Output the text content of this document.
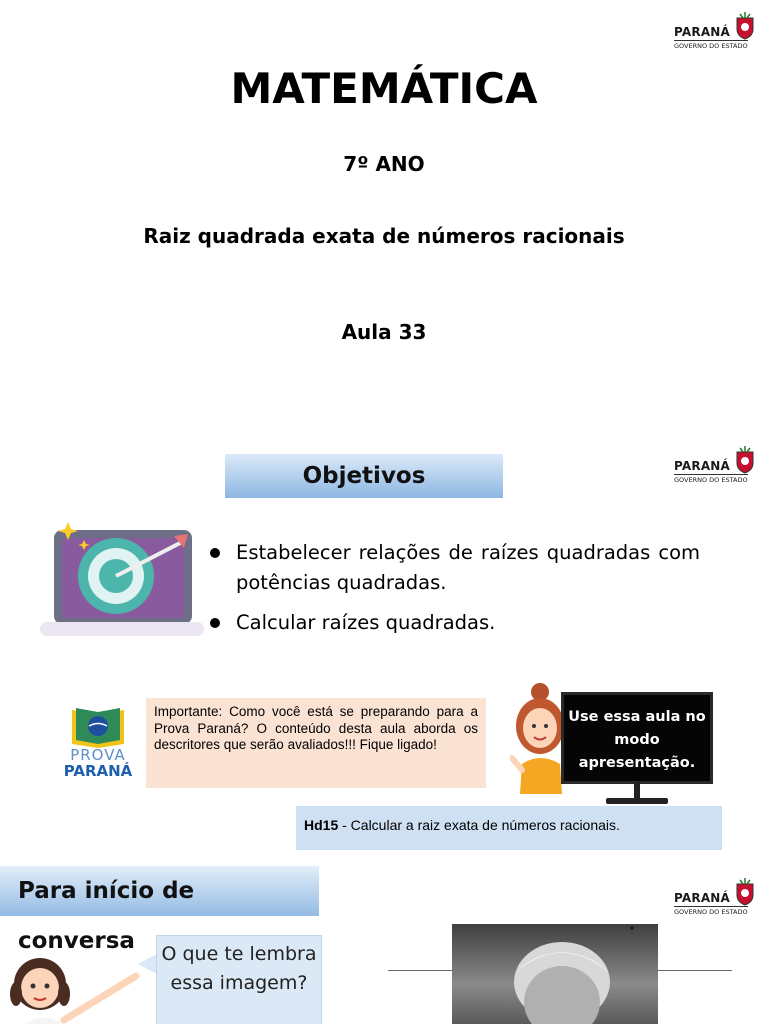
PARANÁ
GOVERNO DO ESTADO
MATEMÁTICA
7º ANO
Raiz quadrada exata de números racionais
Aula 33
PARANÁ
GOVERNO DO ESTADO
Objetivos
Estabelecer relações de raízes quadradas com potências quadradas.
Calcular raízes quadradas.
PROVA
PARANÁ
Importante: Como você está se preparando para a Prova Paraná? O conteúdo desta aula aborda os descritores que serão avaliados!!! Fique ligado!
Use essa aula no modo apresentação.
Hd15 - Calcular a raiz exata de números racionais.
Para início de conversa
PARANÁ
GOVERNO DO ESTADO
O que te lembra essa imagem?
